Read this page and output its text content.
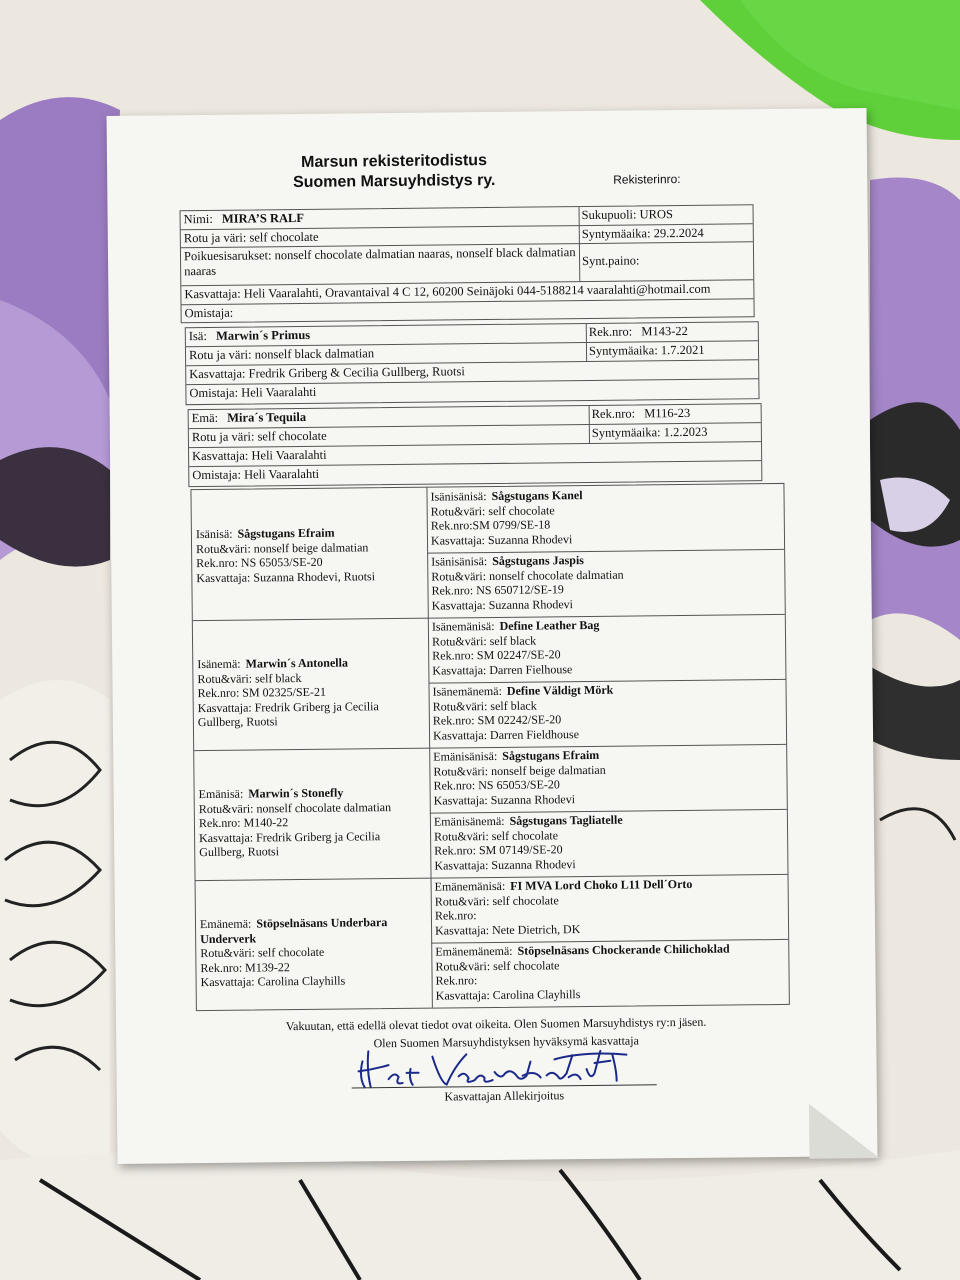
Marsun rekisteritodistus
Suomen Marsuyhdistys ry.	Rekisterinro:
Nimi: MIRA’S RALF	Sukupuoli: UROS
Rotu ja väri: self chocolate	Syntymäaika: 29.2.2024
Poikuesisarukset: nonself chocolate dalmatian naaras, nonself black dalmatian naaras
Synt.paino:
Kasvattaja: Heli Vaaralahti, Oravantaival 4 C 12, 60200 Seinäjoki 044-5188214 vaaralahti@hotmail.com
Omistaja:
Isä: Marwin´s Primus	Rek.nro: M143-22
Rotu ja väri: nonself black dalmatian	Syntymäaika: 1.7.2021
Kasvattaja: Fredrik Griberg & Cecilia Gullberg, Ruotsi
Omistaja: Heli Vaaralahti
Emä: Mira´s Tequila	Rek.nro: M116-23
Rotu ja väri: self chocolate	Syntymäaika: 1.2.2023
Kasvattaja: Heli Vaaralahti
Omistaja: Heli Vaaralahti
Isänisä: Sågstugans Efraim
Rotu&väri: nonself beige dalmatian
Rek.nro: NS 65053/SE-20
Kasvattaja: Suzanna Rhodevi, Ruotsi
Isänemä: Marwin´s Antonella
Rotu&väri: self black
Rek.nro: SM 02325/SE-21
Kasvattaja: Fredrik Griberg ja Cecilia
Gullberg, Ruotsi
Emänisä: Marwin´s Stonefly
Rotu&väri: nonself chocolate dalmatian
Rek.nro: M140-22
Kasvattaja: Fredrik Griberg ja Cecilia
Gullberg, Ruotsi
Emänemä: Stöpselnäsans Underbara Underverk
Rotu&väri: self chocolate
Rek.nro: M139-22
Kasvattaja: Carolina Clayhills
Isänisänisä: Sågstugans Kanel
Rotu&väri: self chocolate
Rek.nro:SM 0799/SE-18
Kasvattaja: Suzanna Rhodevi
Isänisänisä: Sågstugans Jaspis
Rotu&väri: nonself chocolate dalmatian
Rek.nro: NS 650712/SE-19
Kasvattaja: Suzanna Rhodevi
Isänemänisä: Define Leather Bag
Rotu&väri: self black
Rek.nro: SM 02247/SE-20
Kasvattaja: Darren Fielhouse
Isänemänemä: Define Väldigt Mörk
Rotu&väri: self black
Rek.nro: SM 02242/SE-20
Kasvattaja: Darren Fieldhouse
Emänisänisä: Sågstugans Efraim
Rotu&väri: nonself beige dalmatian
Rek.nro: NS 65053/SE-20
Kasvattaja: Suzanna Rhodevi
Emänisänemä: Sågstugans Tagliatelle
Rotu&väri: self chocolate
Rek.nro: SM 07149/SE-20
Kasvattaja: Suzanna Rhodevi
Emänemänisä: FI MVA Lord Choko L11 Dell´Orto
Rotu&väri: self chocolate
Rek.nro:
Kasvattaja: Nete Dietrich, DK
Emänemänemä: Stöpselnäsans Chockerande Chilichoklad
Rotu&väri: self chocolate
Rek.nro:
Kasvattaja: Carolina Clayhills
Vakuutan, että edellä olevat tiedot ovat oikeita. Olen Suomen Marsuyhdistys ry:n jäsen.
Olen Suomen Marsuyhdistyksen hyväksymä kasvattaja
Kasvattajan Allekirjoitus
